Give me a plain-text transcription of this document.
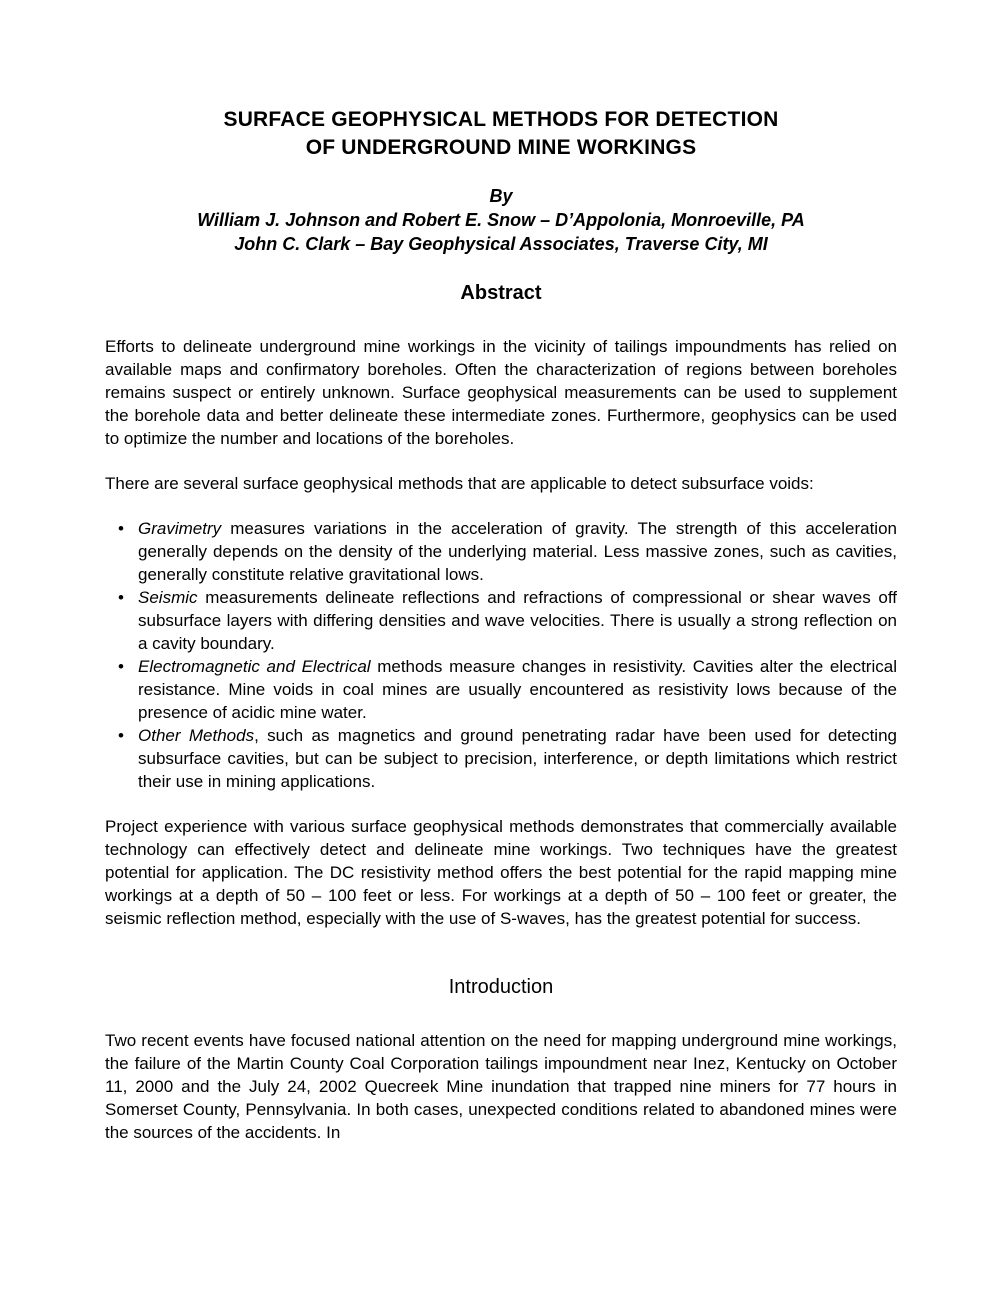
SURFACE GEOPHYSICAL METHODS FOR DETECTION
OF UNDERGROUND MINE WORKINGS
By
William J. Johnson and Robert E. Snow – D’Appolonia, Monroeville, PA
John C. Clark – Bay Geophysical Associates, Traverse City, MI
Abstract

Efforts to delineate underground mine workings in the vicinity of tailings impoundments has relied on available maps and confirmatory boreholes. Often the characterization of regions between boreholes remains suspect or entirely unknown. Surface geophysical measurements can be used to supplement the borehole data and better delineate these intermediate zones. Furthermore, geophysics can be used to optimize the number and locations of the boreholes.

There are several surface geophysical methods that are applicable to detect subsurface voids:

• Gravimetry measures variations in the acceleration of gravity. The strength of this acceleration generally depends on the density of the underlying material. Less massive zones, such as cavities, generally constitute relative gravitational lows.
• Seismic measurements delineate reflections and refractions of compressional or shear waves off subsurface layers with differing densities and wave velocities. There is usually a strong reflection on a cavity boundary.
• Electromagnetic and Electrical methods measure changes in resistivity. Cavities alter the electrical resistance. Mine voids in coal mines are usually encountered as resistivity lows because of the presence of acidic mine water.
• Other Methods, such as magnetics and ground penetrating radar have been used for detecting subsurface cavities, but can be subject to precision, interference, or depth limitations which restrict their use in mining applications.

Project experience with various surface geophysical methods demonstrates that commercially available technology can effectively detect and delineate mine workings. Two techniques have the greatest potential for application. The DC resistivity method offers the best potential for the rapid mapping mine workings at a depth of 50 – 100 feet or less. For workings at a depth of 50 – 100 feet or greater, the seismic reflection method, especially with the use of S-waves, has the greatest potential for success.

Introduction

Two recent events have focused national attention on the need for mapping underground mine workings, the failure of the Martin County Coal Corporation tailings impoundment near Inez, Kentucky on October 11, 2000 and the July 24, 2002 Quecreek Mine inundation that trapped nine miners for 77 hours in Somerset County, Pennsylvania. In both cases, unexpected conditions related to abandoned mines were the sources of the accidents. In
